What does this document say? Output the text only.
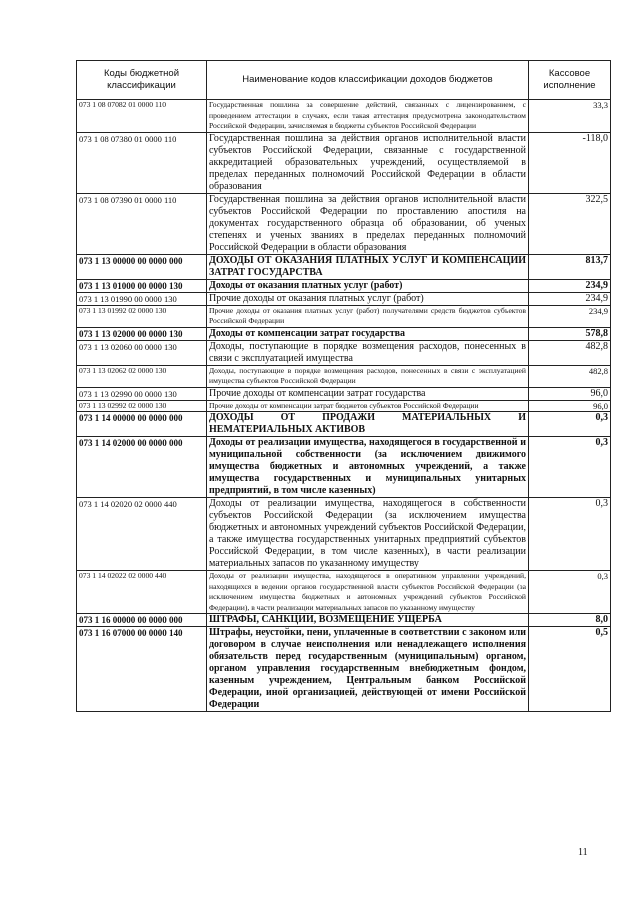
Коды бюджетной классификации	Наименование кодов классификации доходов бюджетов	Кассовое исполнение
073 1 08 07082 01 0000 110	Государственная пошлина за совершение действий, связанных с лицензированием, с проведением аттестации в случаях, если такая аттестация предусмотрена законодательством Российской Федерации, зачисляемая в бюджеты субъектов Российской Федерации	33,3
073 1 08 07380 01 0000 110	Государственная пошлина за действия органов исполнительной власти субъектов Российской Федерации, связанные с государственной аккредитацией образовательных учреждений, осуществляемой в пределах переданных полномочий Российской Федерации в области образования	-118,0
073 1 08 07390 01 0000 110	Государственная пошлина за действия органов исполнительной власти субъектов Российской Федерации по проставлению апостиля на документах государственного образца об образовании, об ученых степенях и ученых званиях в пределах переданных полномочий Российской Федерации в области образования	322,5
073 1 13 00000 00 0000 000	ДОХОДЫ ОТ ОКАЗАНИЯ ПЛАТНЫХ УСЛУГ И КОМПЕНСАЦИИ ЗАТРАТ ГОСУДАРСТВА	813,7
073 1 13 01000 00 0000 130	Доходы от оказания платных услуг (работ)	234,9
073 1 13 01990 00 0000 130	Прочие доходы от оказания платных услуг (работ)	234,9
073 1 13 01992 02 0000 130	Прочие доходы от оказания платных услуг (работ) получателями средств бюджетов субъектов Российской Федерации	234,9
073 1 13 02000 00 0000 130	Доходы от компенсации затрат государства	578,8
073 1 13 02060 00 0000 130	Доходы, поступающие в порядке возмещения расходов, понесенных в связи с эксплуатацией имущества	482,8
073 1 13 02062 02 0000 130	Доходы, поступающие в порядке возмещения расходов, понесенных в связи с эксплуатацией имущества субъектов Российской Федерации	482,8
073 1 13 02990 00 0000 130	Прочие доходы от компенсации затрат государства	96,0
073 1 13 02992 02 0000 130	Прочие доходы от компенсации затрат бюджетов субъектов Российской Федерации	96,0
073 1 14 00000 00 0000 000	ДОХОДЫ ОТ ПРОДАЖИ МАТЕРИАЛЬНЫХ И НЕМАТЕРИАЛЬНЫХ АКТИВОВ	0,3
073 1 14 02000 00 0000 000	Доходы от реализации имущества, находящегося в государственной и муниципальной собственности (за исключением движимого имущества бюджетных и автономных учреждений, а также имущества государственных и муниципальных унитарных предприятий, в том числе казенных)	0,3
073 1 14 02020 02 0000 440	Доходы от реализации имущества, находящегося в собственности субъектов Российской Федерации (за исключением имущества бюджетных и автономных учреждений субъектов Российской Федерации, а также имущества государственных унитарных предприятий субъектов Российской Федерации, в том числе казенных), в части реализации материальных запасов по указанному имуществу	0,3
073 1 14 02022 02 0000 440	Доходы от реализации имущества, находящегося в оперативном управлении учреждений, находящихся в ведении органов государственной власти субъектов Российской Федерации (за исключением имущества бюджетных и автономных учреждений субъектов Российской Федерации), в части реализации материальных запасов по указанному имуществу	0,3
073 1 16 00000 00 0000 000	ШТРАФЫ, САНКЦИИ, ВОЗМЕЩЕНИЕ УЩЕРБА	8,0
073 1 16 07000 00 0000 140	Штрафы, неустойки, пени, уплаченные в соответствии с законом или договором в случае неисполнения или ненадлежащего исполнения обязательств перед государственным (муниципальным) органом, органом управления государственным внебюджетным фондом, казенным учреждением, Центральным банком Российской Федерации, иной организацией, действующей от имени Российской Федерации	0,5
11
